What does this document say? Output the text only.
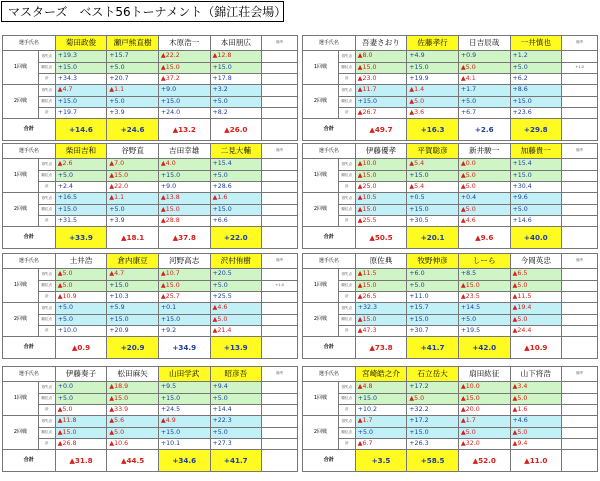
マスターズ　ベスト56トーナメント（錦江荘会場）
選手氏名		菊田政俊	瀬戸熊直樹	木原浩一	本田朋広	備考
1回戦	得失点	+19.3	+15.7	▲22.2	▲12.8	
	順位点	+15.0	+5.0	▲15.0	+15.0	
	計	+34.3	+20.7	▲37.2	+17.8	
2回戦	得失点	▲4.7	▲1.1	+9.0	+3.2	
	順位点	+15.0	+5.0	+15.0	+5.0	
	計	+19.7	+3.9	+24.0	+8.2	
合計		+14.6	+24.6	▲13.2	▲26.0	
選手氏名		吾妻さおり	佐藤孝行	日吉辰哉	一井慎也	備考
1回戦	得失点	▲8.0	+4.9	+0.9	+1.2	
	順位点	▲15.0	+15.0	▲5.0	+5.0	+1.0
	計	▲23.0	+19.9	▲4.1	+6.2	
2回戦	得失点	▲11.7	▲1.4	+1.7	+8.6	
	順位点	+15.0	▲5.0	+5.0	+15.0	
	計	▲26.7	▲3.6	+6.7	+23.6	
合計		▲49.7	+16.3	+2.6	+29.8	
選手氏名		柴田吉和	谷野直	吉田幸雄	二見大輔	備考
1回戦	得失点	▲2.6	▲7.0	▲4.0	+15.4	
	順位点	+5.0	▲15.0	+15.0	+5.0	
	計	+2.4	▲22.0	+9.0	+28.6	
2回戦	得失点	+16.5	▲1.1	▲13.8	▲1.6	
	順位点	+15.0	+5.0	▲15.0	+15.0	
	計	+31.5	+3.9	▲28.8	+6.6	
合計		+33.9	▲18.1	▲37.8	+22.0	
選手氏名		伊藤優孝	平賀聡彦	新井駿一	加藤貴一	備考
1回戦	得失点	▲10.0	▲5.4	▲0.0	+15.4	
	順位点	▲15.0	+15.0	▲5.0	+15.0	
	計	▲25.0	▲5.4	▲5.0	+30.4	
2回戦	得失点	▲10.5	+0.5	+0.4	+9.6	
	順位点	▲15.0	+15.0	▲5.0	+5.0	
	計	▲25.5	+30.5	▲4.6	+14.6	
合計		▲50.5	+20.1	▲9.6	+40.0	
選手氏名		土井浩	倉内康豆	河野高志	沢村侑樹	備考
1回戦	得失点	▲5.0	▲4.7	▲10.7	+20.5	
	順位点	▲5.0	+15.0	▲15.0	+5.0	+1.0
	計	▲10.9	+10.3	▲25.7	+25.5	
2回戦	得失点	+5.0	+5.9	+0.1	▲4.6	
	順位点	+5.0	+15.0	+15.0	▲5.0	
	計	+10.0	+20.9	+9.2	▲21.4	
合計		▲0.9	+20.9	+34.9	+13.9	
選手氏名		原佐典	牧野伸彦	しーら	今岡英忠	備考
1回戦	得失点	▲11.5	+6.0	+8.5	▲6.5	
	順位点	▲15.0	+5.0	▲15.0	▲5.0	
	計	▲26.5	+11.0	▲23.5	▲11.5	
2回戦	得失点	+32.3	+15.7	+14.5	▲19.4	
	順位点	▲15.0	+15.0	+5.0	▲5.0	
	計	▲47.3	+30.7	+19.5	▲24.4	
合計		▲73.8	+41.7	+42.0	▲10.9	
選手氏名		伊藤奏子	松田麻矢	山田学武	昭彦吾	備考
1回戦	得失点	+0.0	▲18.9	+9.5	+9.4	
	順位点	+5.0	▲15.0	+15.0	+5.0	
	計	▲5.0	▲33.9	+24.5	+14.4	
2回戦	得失点	▲11.8	▲5.6	▲4.9	+22.3	
	順位点	▲15.0	▲5.0	+15.0	+5.0	
	計	▲26.8	▲10.6	+10.1	+27.3	
合計		▲31.8	▲44.5	+34.6	+41.7	
選手氏名		宮崎皓之介	石立岳大	扇田紘征	山下将浩	備考
1回戦	得失点	▲4.8	+17.2	▲10.0	▲3.4	
	順位点	+15.0	▲5.0	▲15.0	▲5.0	
	計	+10.2	+32.2	▲20.0	▲1.6	
2回戦	得失点	▲1.7	+17.2	▲1.7	+4.6	
	順位点	+5.0	+15.0	▲5.0	▲5.0	
	計	▲6.7	+26.3	▲32.0	▲9.4	
合計		+3.5	+58.5	▲52.0	▲11.0	
